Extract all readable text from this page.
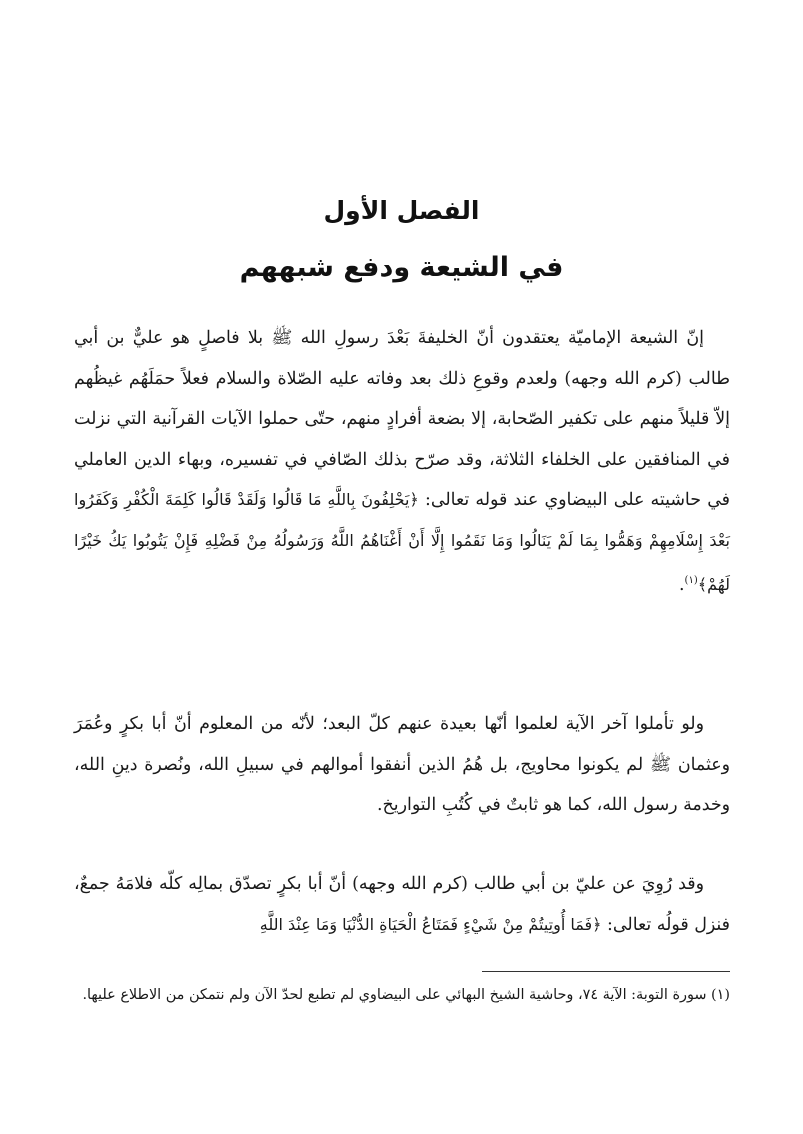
الفصل الأول
في الشيعة ودفع شبههم

إنّ الشيعة الإماميّة يعتقدون أنّ الخليفةَ بَعْدَ رسولِ الله ﷺ بلا فاصلٍ هو عليٌّ بن أبي طالب (كرم الله وجهه) ولعدم وقوعِ ذلك بعد وفاته عليه الصّلاة والسلام فعلاً حمَلَهُم غيظُهم إلاّ قليلاً منهم على تكفير الصّحابة، إلا بضعة أفرادٍ منهم، حتّى حملوا الآيات القرآنية التي نزلت في المنافقين على الخلفاء الثلاثة، وقد صرّح بذلك الصّافي في تفسيره، وبهاء الدين العاملي في حاشيته على البيضاوي عند قوله تعالى: ﴿يَحْلِفُونَ بِاللَّهِ مَا قَالُوا وَلَقَدْ قَالُوا كَلِمَةَ الْكُفْرِ وَكَفَرُوا بَعْدَ إِسْلَامِهِمْ وَهَمُّوا بِمَا لَمْ يَنَالُوا وَمَا نَقَمُوا إِلَّا أَنْ أَغْنَاهُمُ اللَّهُ وَرَسُولُهُ مِنْ فَضْلِهِ فَإِنْ يَتُوبُوا يَكُ خَيْرًا لَهُمْ﴾$^{(١)}$.

ولو تأملوا آخر الآية لعلموا أنّها بعيدة عنهم كلّ البعد؛ لأنّه من المعلوم أنّ أبا بكرٍ وعُمَرَ وعثمان ﷺ لم يكونوا محاويج، بل هُمُ الذين أنفقوا أموالهم في سبيلِ الله، ونُصرة دينِ الله، وخدمة رسول الله، كما هو ثابتٌ في كُتُبِ التواريخ.

وقد رُوِيَ عن عليّ بن أبي طالب (كرم الله وجهه) أنّ أبا بكرٍ تصدّق بمالِه كلّه فلامَهُ جمعٌ، فنزل قولُه تعالى: ﴿فَمَا أُوتِيتُمْ مِنْ شَيْءٍ فَمَتَاعُ الْحَيَاةِ الدُّنْيَا وَمَا عِنْدَ اللَّهِ

(١) سورة التوبة: الآية ٧٤، وحاشية الشيخ البهائي على البيضاوي لم تطبع لحدّ الآن ولم نتمكن من الاطلاع عليها.
